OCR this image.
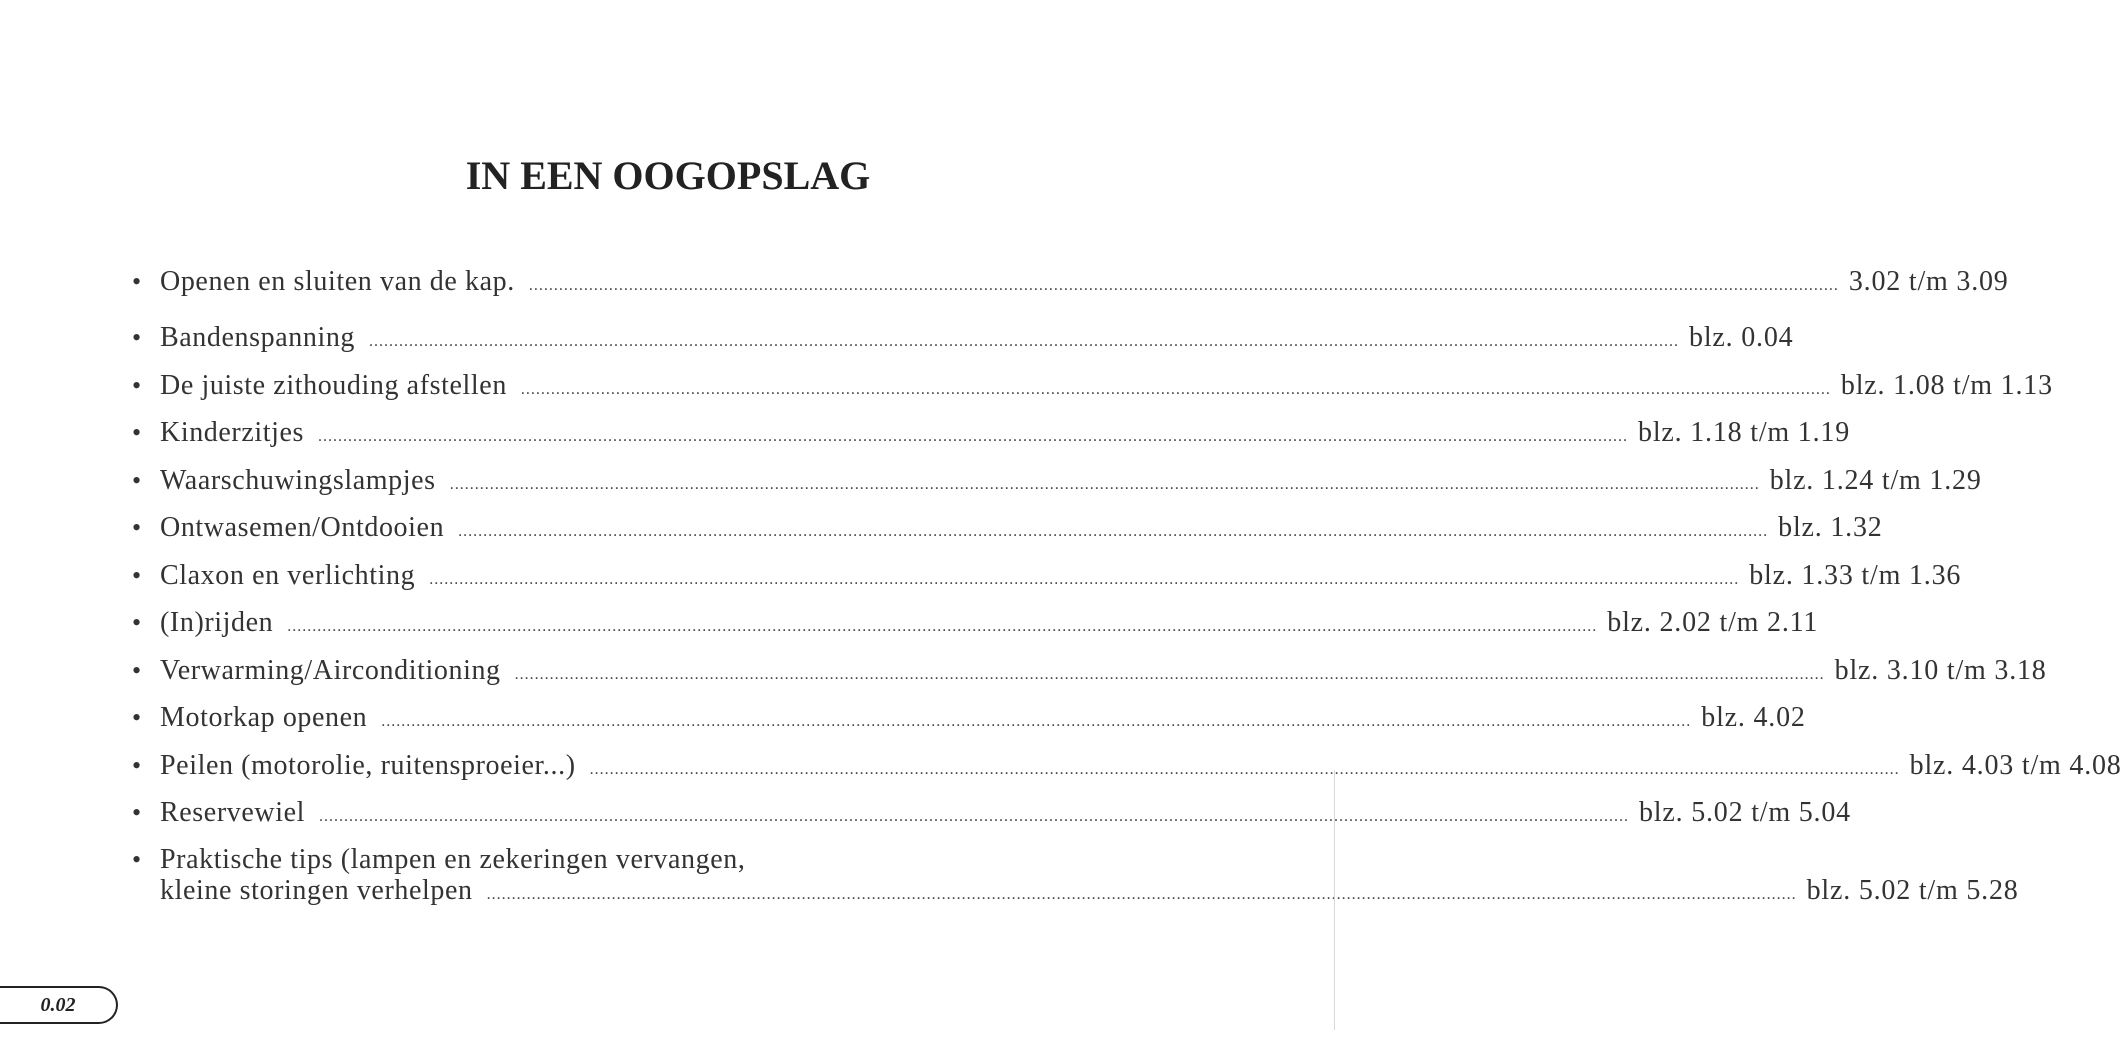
IN EEN OOGOPSLAG
• Openen en sluiten van de kap. .....	3.02 t/m 3.09
• Bandenspanning .....	blz. 0.04
• De juiste zithouding afstellen .....	blz. 1.08 t/m 1.13
• Kinderzitjes .....	blz. 1.18 t/m 1.19
• Waarschuwingslampjes .....	blz. 1.24 t/m 1.29
• Ontwasemen/Ontdooien .....	blz. 1.32
• Claxon en verlichting .....	blz. 1.33 t/m 1.36
• (In)rijden .....	blz. 2.02 t/m 2.11
• Verwarming/Airconditioning .....	blz. 3.10 t/m 3.18
• Motorkap openen .....	blz. 4.02
• Peilen (motorolie, ruitensproeier...) .....	blz. 4.03 t/m 4.08
• Reservewiel .....	blz. 5.02 t/m 5.04
• Praktische tips (lampen en zekeringen vervangen,
kleine storingen verhelpen .....	blz. 5.02 t/m 5.28
0.02
